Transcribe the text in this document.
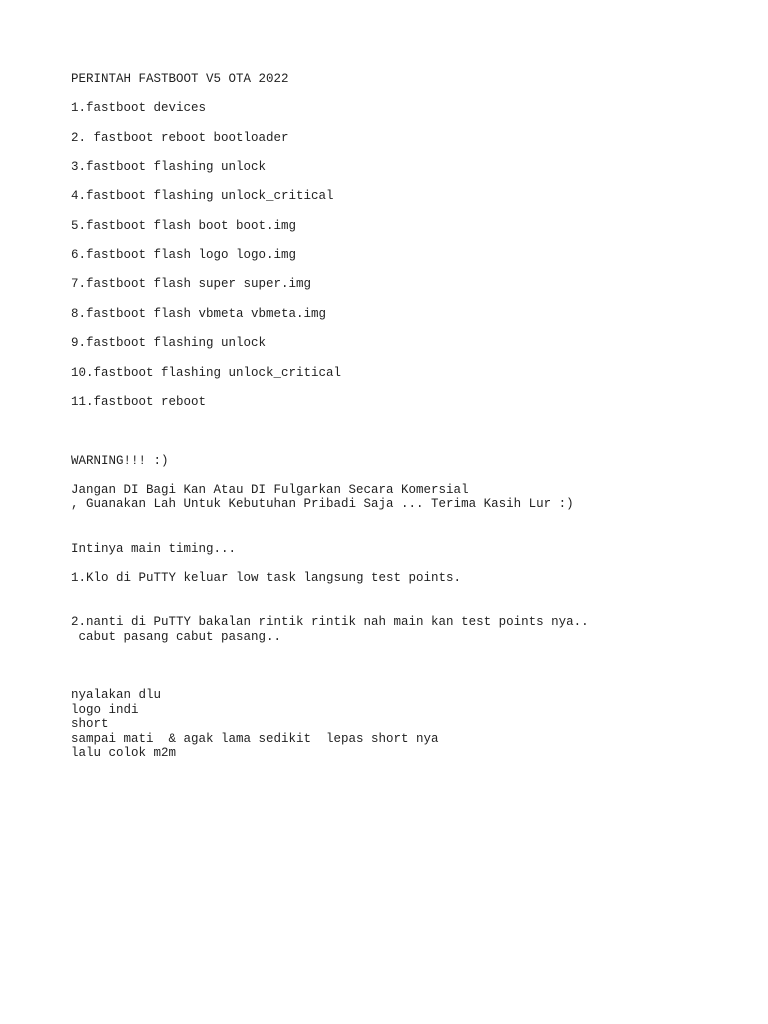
PERINTAH FASTBOOT V5 OTA 2022

1.fastboot devices

2. fastboot reboot bootloader

3.fastboot flashing unlock

4.fastboot flashing unlock_critical

5.fastboot flash boot boot.img

6.fastboot flash logo logo.img

7.fastboot flash super super.img

8.fastboot flash vbmeta vbmeta.img

9.fastboot flashing unlock

10.fastboot flashing unlock_critical

11.fastboot reboot

WARNING!!! :)

Jangan DI Bagi Kan Atau DI Fulgarkan Secara Komersial

, Guanakan Lah Untuk Kebutuhan Pribadi Saja ... Terima Kasih Lur :)

Intinya main timing...

1.Klo di PuTTY keluar low task langsung test points.

2.nanti di PuTTY bakalan rintik rintik nah main kan test points nya..

cabut pasang cabut pasang..

nyalakan dlu

logo indi

short

sampai mati  & agak lama sedikit  lepas short nya

lalu colok m2m
